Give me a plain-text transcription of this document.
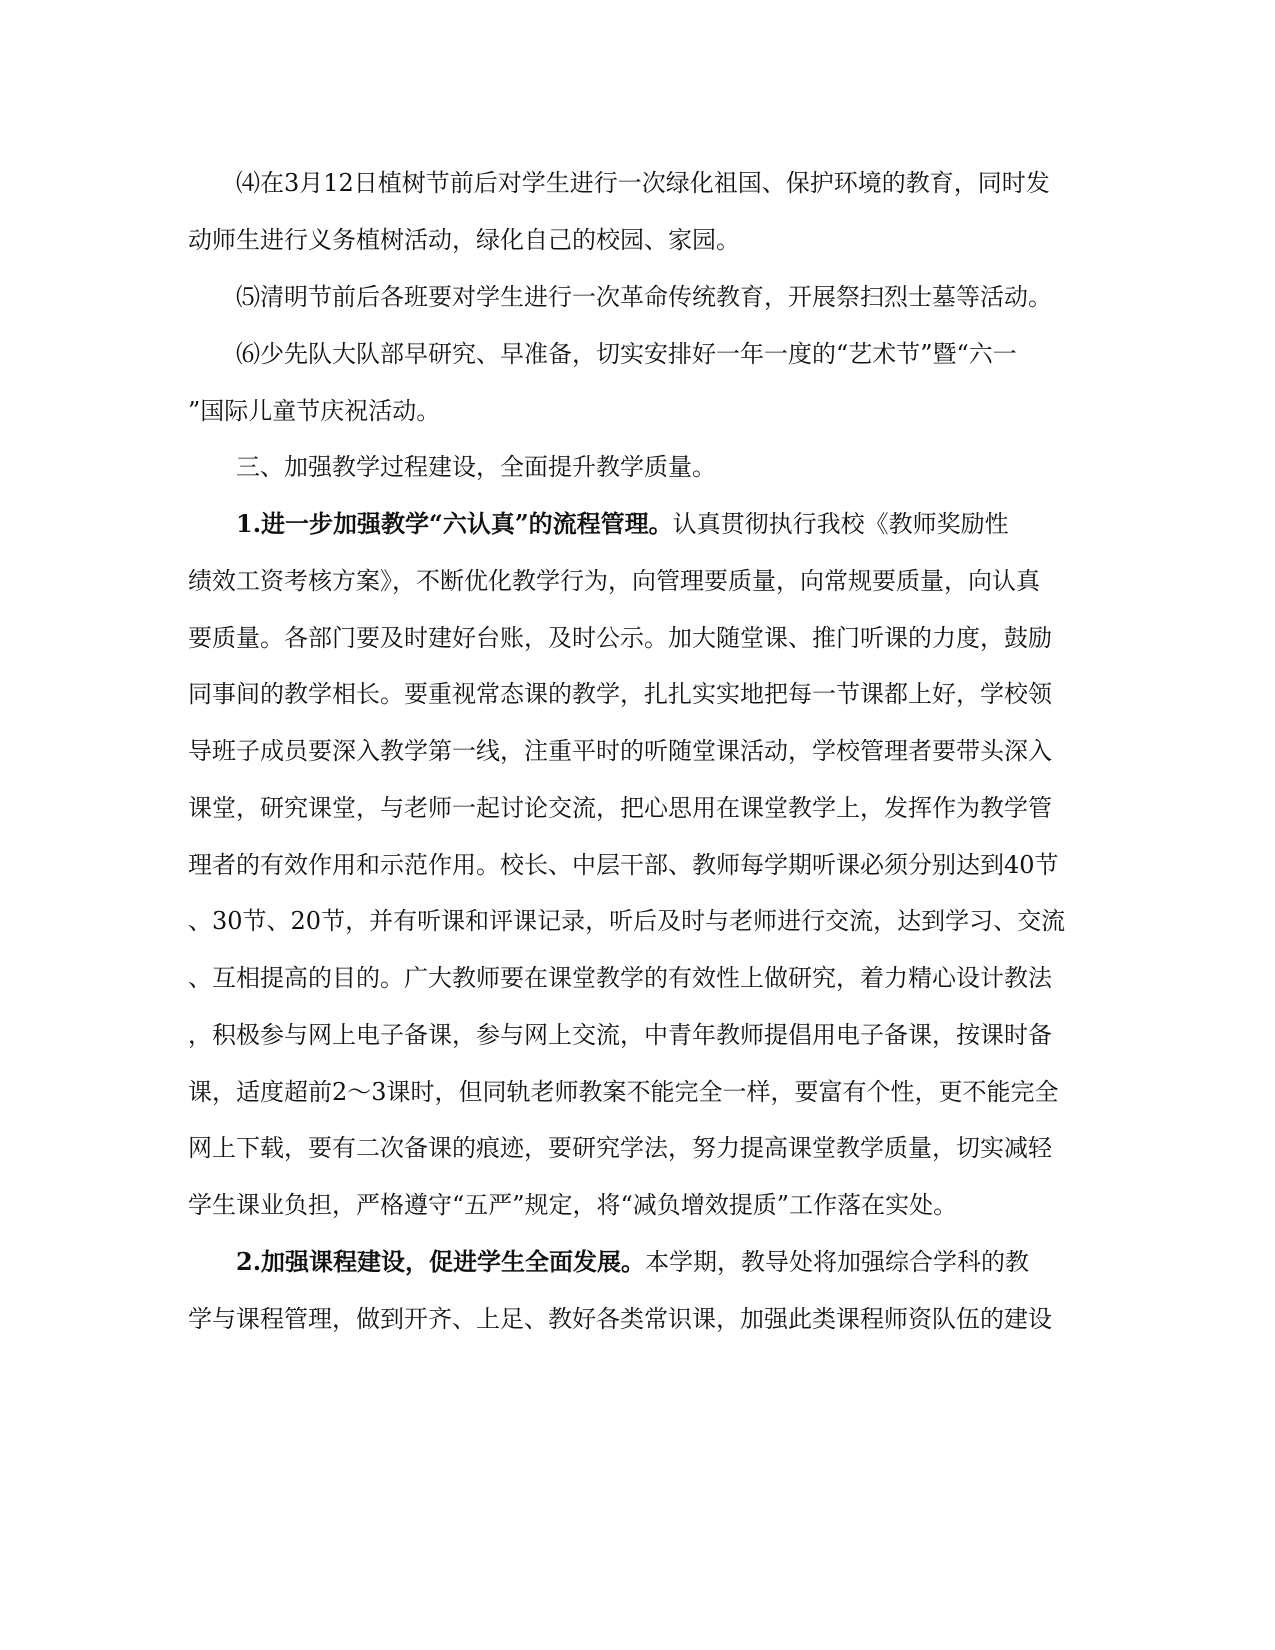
⑷在3月12日植树节前后对学生进行一次绿化祖国、保护环境的教育，同时发
动师生进行义务植树活动，绿化自己的校园、家园。
⑸清明节前后各班要对学生进行一次革命传统教育，开展祭扫烈士墓等活动。
⑹少先队大队部早研究、早准备，切实安排好一年一度的“艺术节”暨“六一
”国际儿童节庆祝活动。
三、加强教学过程建设，全面提升教学质量。
1.进一步加强教学“六认真”的流程管理。认真贯彻执行我校《教师奖励性
绩效工资考核方案》，不断优化教学行为，向管理要质量，向常规要质量，向认真
要质量。各部门要及时建好台账，及时公示。加大随堂课、推门听课的力度，鼓励
同事间的教学相长。要重视常态课的教学，扎扎实实地把每一节课都上好，学校领
导班子成员要深入教学第一线，注重平时的听随堂课活动，学校管理者要带头深入
课堂，研究课堂，与老师一起讨论交流，把心思用在课堂教学上，发挥作为教学管
理者的有效作用和示范作用。校长、中层干部、教师每学期听课必须分别达到40节
、30节、20节，并有听课和评课记录，听后及时与老师进行交流，达到学习、交流
、互相提高的目的。广大教师要在课堂教学的有效性上做研究，着力精心设计教法
，积极参与网上电子备课，参与网上交流，中青年教师提倡用电子备课，按课时备
课，适度超前2～3课时，但同轨老师教案不能完全一样，要富有个性，更不能完全
网上下载，要有二次备课的痕迹，要研究学法，努力提高课堂教学质量，切实减轻
学生课业负担，严格遵守“五严”规定，将“减负增效提质”工作落在实处。
2.加强课程建设，促进学生全面发展。本学期，教导处将加强综合学科的教
学与课程管理，做到开齐、上足、教好各类常识课，加强此类课程师资队伍的建设
